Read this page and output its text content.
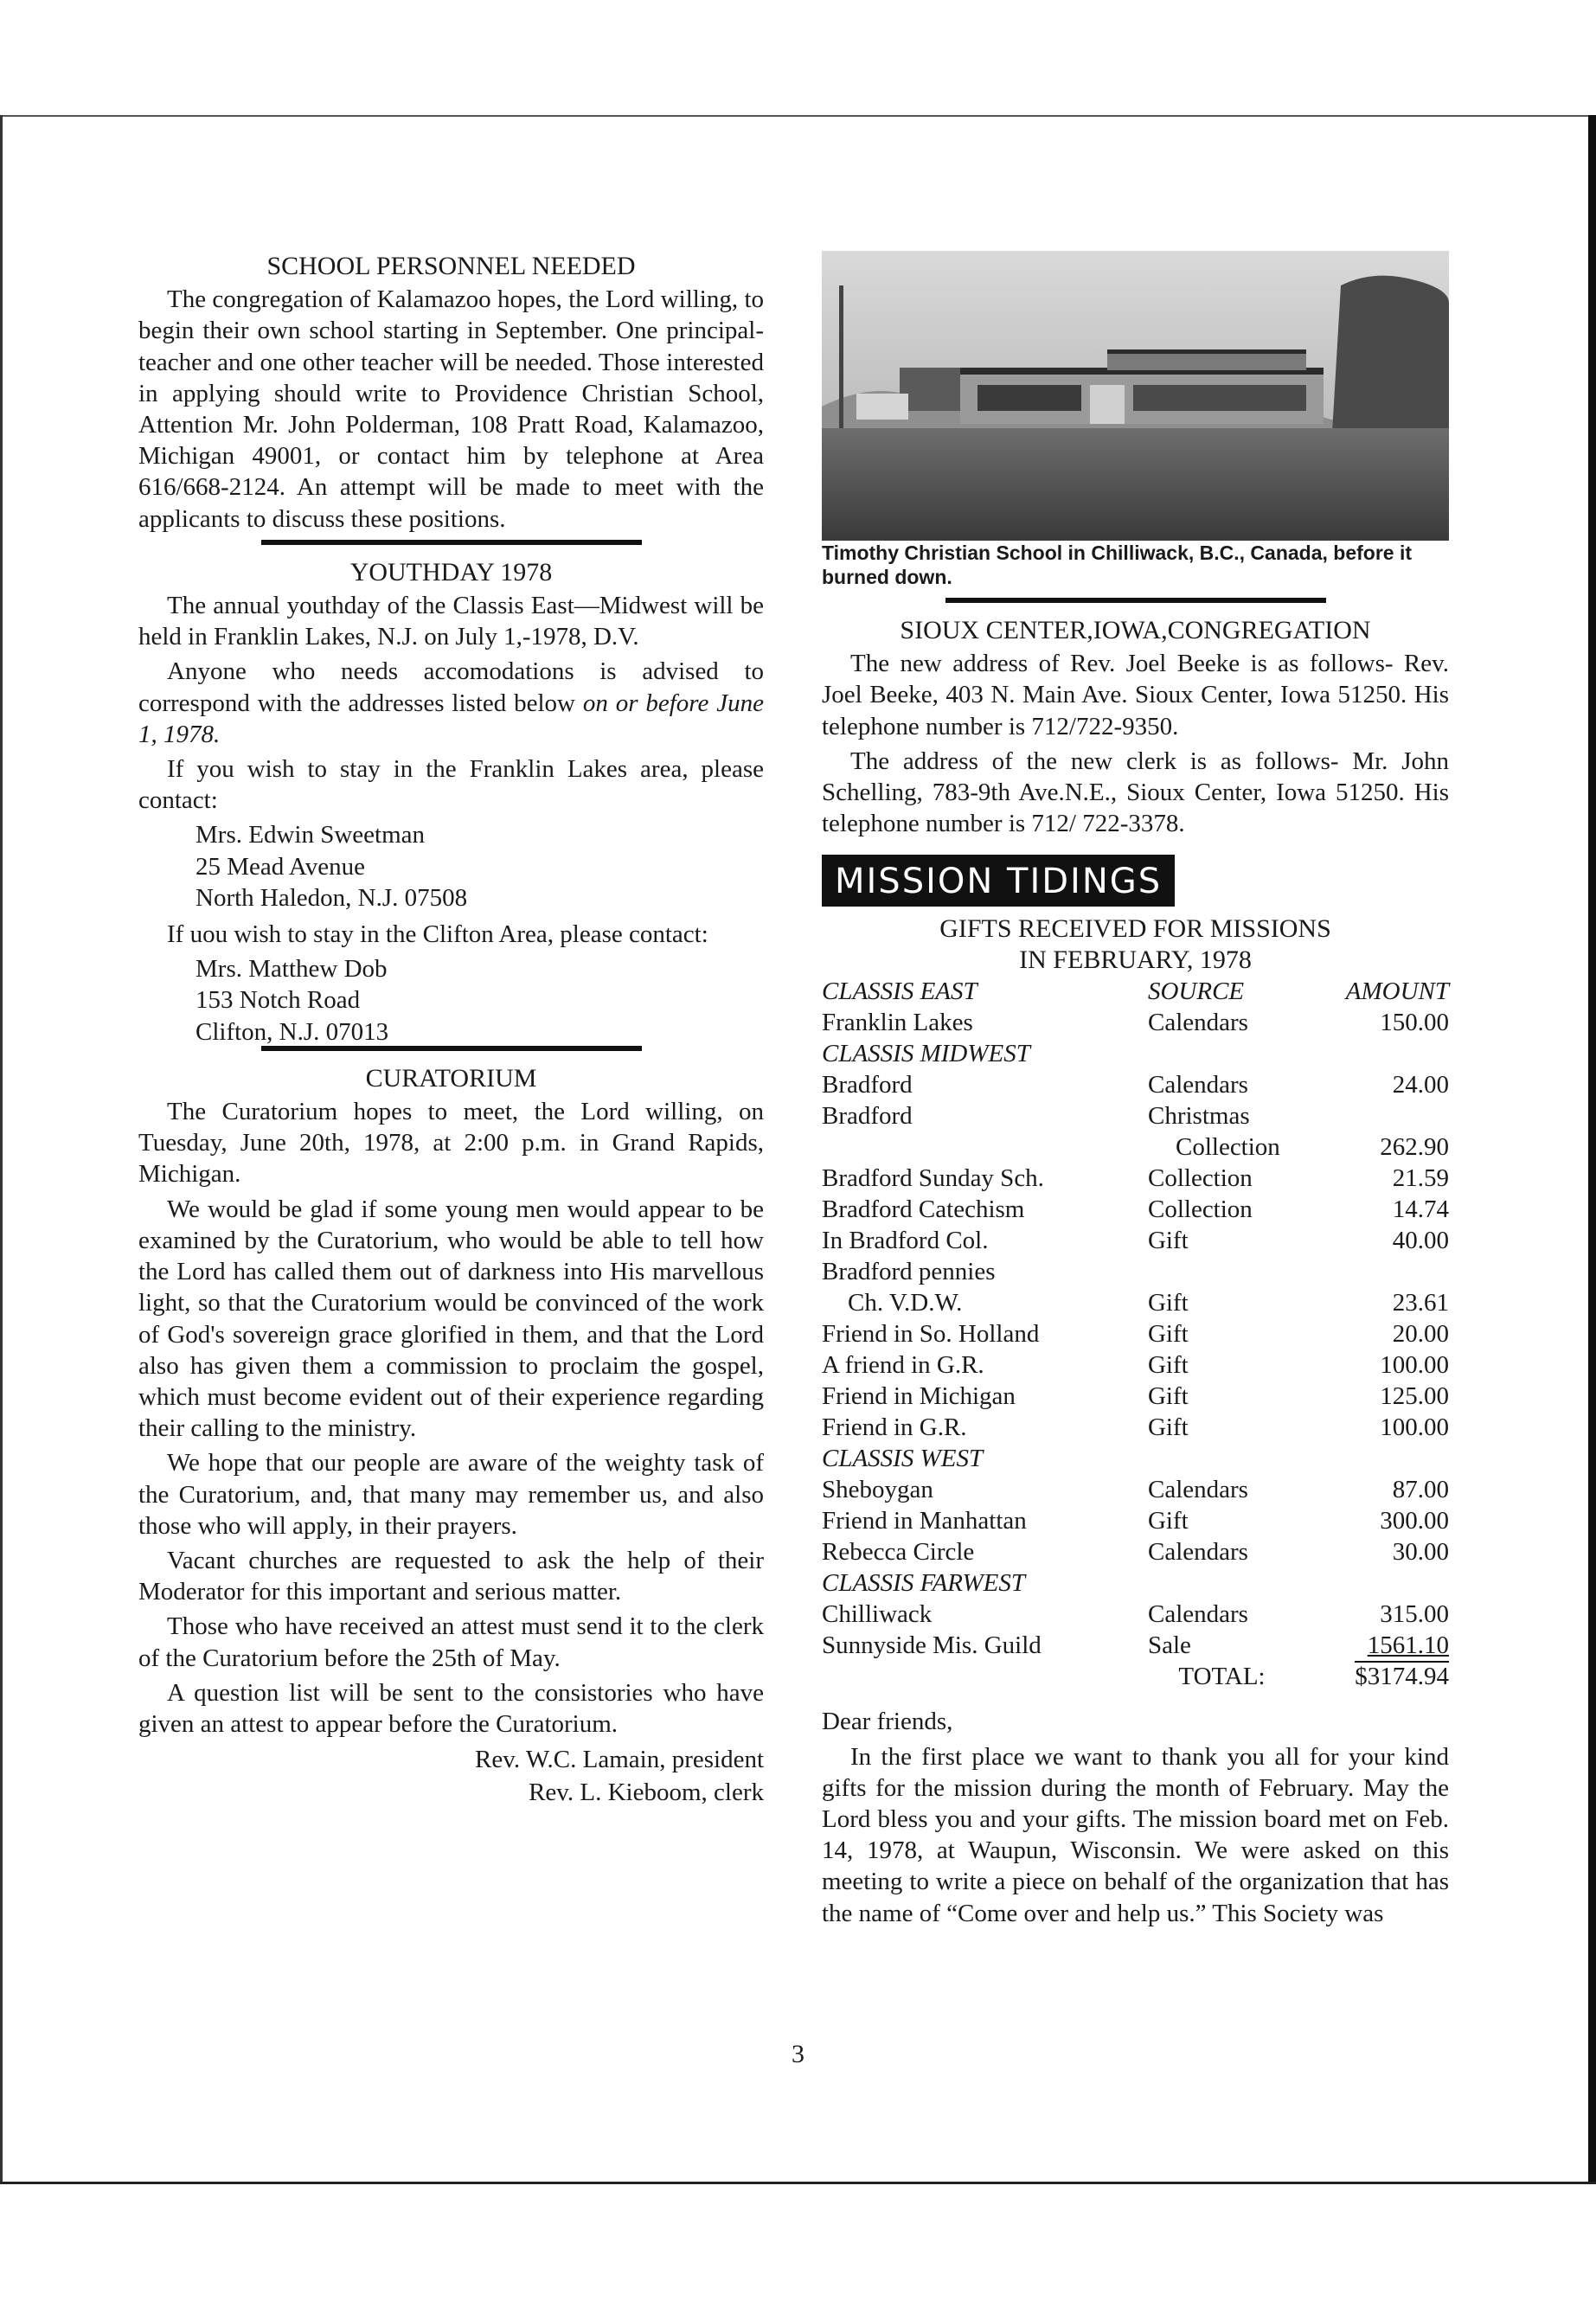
SCHOOL PERSONNEL NEEDED

The congregation of Kalamazoo hopes, the Lord willing, to begin their own school starting in September. One principal-teacher and one other teacher will be needed. Those interested in applying should write to Providence Christian School, Attention Mr. John Polderman, 108 Pratt Road, Kalamazoo, Michigan 49001, or contact him by telephone at Area 616/668-2124. An attempt will be made to meet with the applicants to discuss these positions.

YOUTHDAY 1978

The annual youthday of the Classis East—Midwest will be held in Franklin Lakes, N.J. on July 1,-1978, D.V.

Anyone who needs accomodations is advised to correspond with the addresses listed below on or before June 1, 1978.

If you wish to stay in the Franklin Lakes area, please contact:

Mrs. Edwin Sweetman
25 Mead Avenue
North Haledon, N.J. 07508

If uou wish to stay in the Clifton Area, please contact:

Mrs. Matthew Dob
153 Notch Road
Clifton, N.J. 07013
CURATORIUM

The Curatorium hopes to meet, the Lord willing, on Tuesday, June 20th, 1978, at 2:00 p.m. in Grand Rapids, Michigan.

We would be glad if some young men would appear to be examined by the Curatorium, who would be able to tell how the Lord has called them out of darkness into His marvellous light, so that the Curatorium would be convinced of the work of God's sovereign grace glorified in them, and that the Lord also has given them a commission to proclaim the gospel, which must become evident out of their experience regarding their calling to the ministry.

We hope that our people are aware of the weighty task of the Curatorium, and, that many may remember us, and also those who will apply, in their prayers.

Vacant churches are requested to ask the help of their Moderator for this important and serious matter.

Those who have received an attest must send it to the clerk of the Curatorium before the 25th of May.

A question list will be sent to the consistories who have given an attest to appear before the Curatorium.

Rev. W.C. Lamain, president
Rev. L. Kieboom, clerk

Timothy Christian School in Chilliwack, B.C., Canada, before it burned down.

SIOUX CENTER,IOWA,CONGREGATION

The new address of Rev. Joel Beeke is as follows- Rev. Joel Beeke, 403 N. Main Ave. Sioux Center, Iowa 51250. His telephone number is 712/722-9350.

The address of the new clerk is as follows- Mr. John Schelling, 783-9th Ave.N.E., Sioux Center, Iowa 51250. His telephone number is 712/ 722-3378.

MISSION TIDINGS
GIFTS RECEIVED FOR MISSIONS
IN FEBRUARY, 1978
CLASSIS EAST	SOURCE	AMOUNT
Franklin Lakes	Calendars	150.00
CLASSIS MIDWEST		
Bradford	Calendars	24.00
Bradford	Christmas	
	Collection	262.90
Bradford Sunday Sch.	Collection	21.59
Bradford Catechism	Collection	14.74
In Bradford Col.	Gift	40.00
Bradford pennies		
Ch. V.D.W.	Gift	23.61
Friend in So. Holland	Gift	20.00
A friend in G.R.	Gift	100.00
Friend in Michigan	Gift	125.00
Friend in G.R.	Gift	100.00
CLASSIS WEST		
Sheboygan	Calendars	87.00
Friend in Manhattan	Gift	300.00
Rebecca Circle	Calendars	30.00
CLASSIS FARWEST		
Chilliwack	Calendars	315.00
Sunnyside Mis. Guild	Sale	1561.10
	TOTAL:	$3174.94

Dear friends,

In the first place we want to thank you all for your kind gifts for the mission during the month of February. May the Lord bless you and your gifts. The mission board met on Feb. 14, 1978, at Waupun, Wisconsin. We were asked on this meeting to write a piece on behalf of the organization that has the name of “Come over and help us.” This Society was

3
